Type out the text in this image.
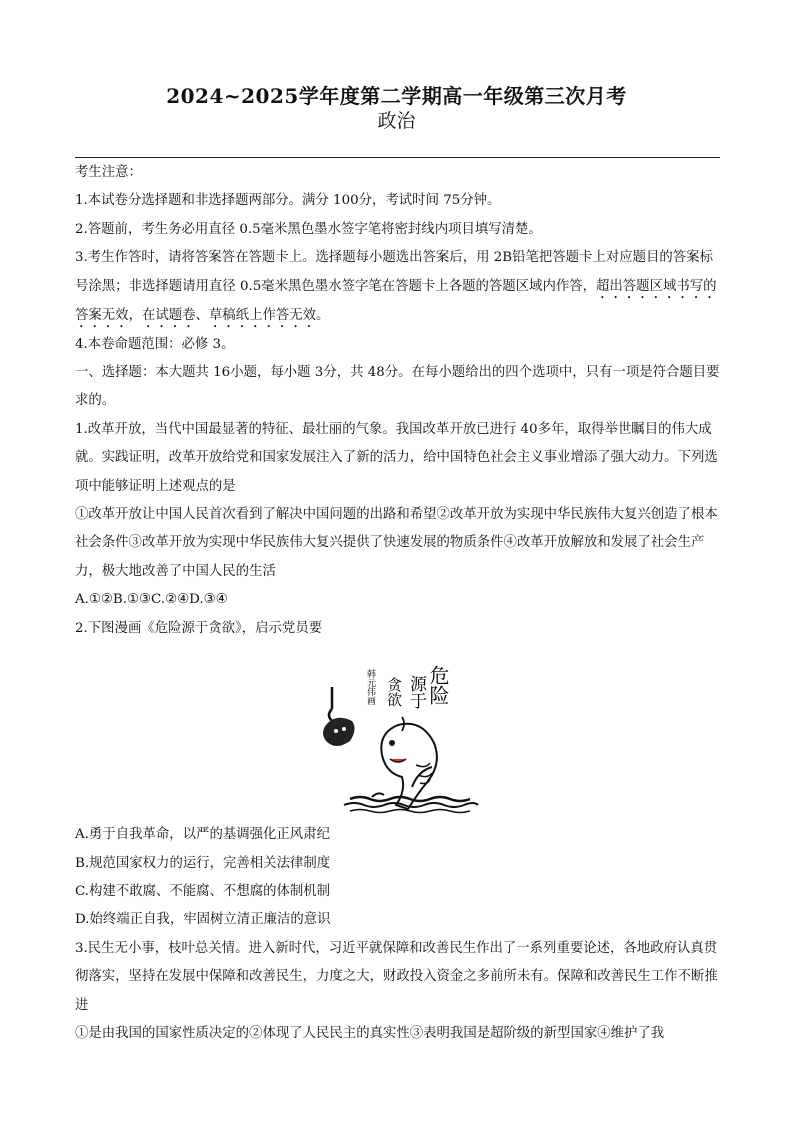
2024~2025学年度第二学期高一年级第三次月考
政治

考生注意：

1.本试卷分选择题和非选择题两部分。满分 100分，考试时间 75分钟。

2.答题前，考生务必用直径 0.5毫米黑色墨水签字笔将密封线内项目填写清楚。

3.考生作答时，请将答案答在答题卡上。选择题每小题选出答案后，用 2B铅笔把答题卡上对应题目的答案标号涂黑；非选择题请用直径 0.5毫米黑色墨水签字笔在答题卡上各题的答题区域内作答，超出答题区域书写的答案无效，在试题卷、草稿纸上作答无效。

4.本卷命题范围：必修 3。

一、选择题：本大题共 16小题，每小题 3分，共 48分。在每小题给出的四个选项中，只有一项是符合题目要求的。

1.改革开放，当代中国最显著的特征、最壮丽的气象。我国改革开放已进行 40多年，取得举世瞩目的伟大成就。实践证明，改革开放给党和国家发展注入了新的活力，给中国特色社会主义事业增添了强大动力。下列选项中能够证明上述观点的是

①改革开放让中国人民首次看到了解决中国问题的出路和希望②改革开放为实现中华民族伟大复兴创造了根本社会条件③改革开放为实现中华民族伟大复兴提供了快速发展的物质条件④改革开放解放和发展了社会生产力，极大地改善了中国人民的生活

A.①②B.①③C.②④D.③④

2.下图漫画《危险源于贪欲》，启示党员要

危险
源于
贪欲
韩元伟画

A.勇于自我革命，以严的基调强化正风肃纪

B.规范国家权力的运行，完善相关法律制度

C.构建不敢腐、不能腐、不想腐的体制机制

D.始终端正自我，牢固树立清正廉洁的意识

3.民生无小事，枝叶总关情。进入新时代，习近平就保障和改善民生作出了一系列重要论述，各地政府认真贯彻落实，坚持在发展中保障和改善民生，力度之大，财政投入资金之多前所未有。保障和改善民生工作不断推进

①是由我国的国家性质决定的②体现了人民民主的真实性③表明我国是超阶级的新型国家④维护了我
